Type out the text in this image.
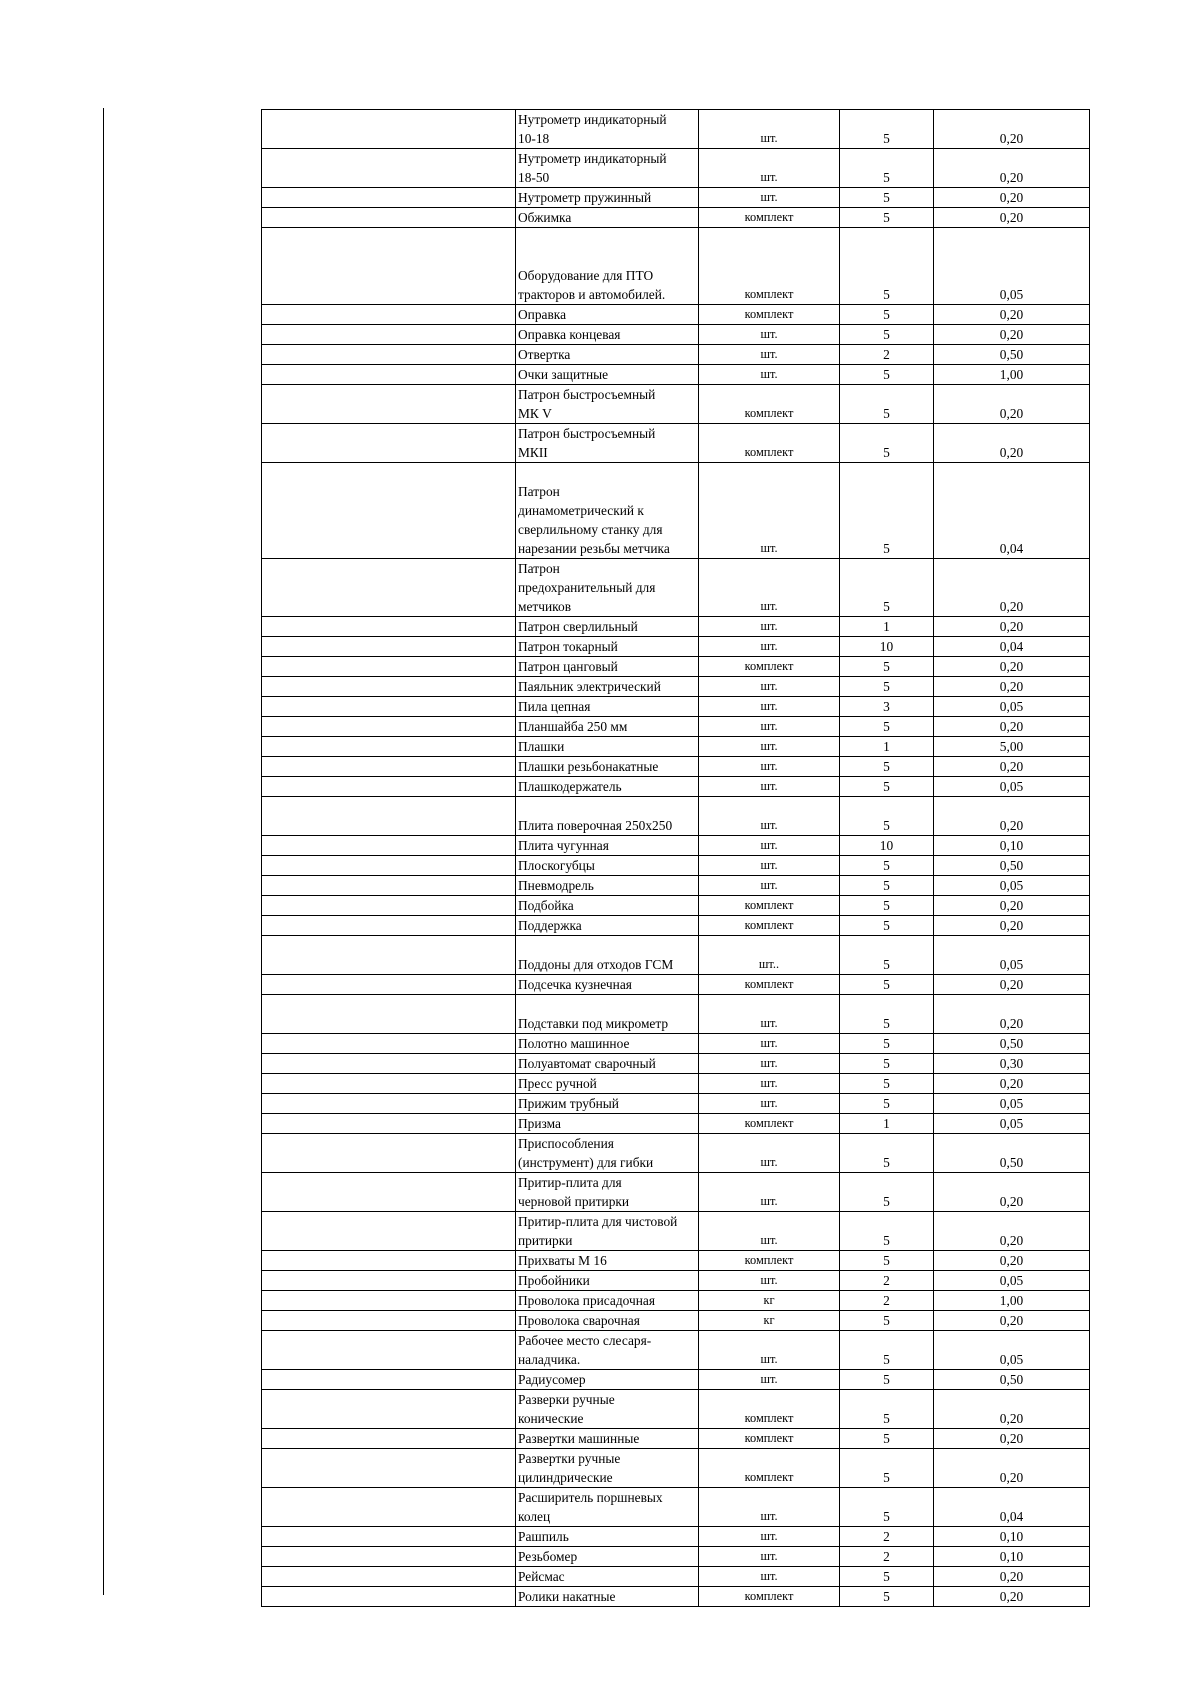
	Нутрометр индикаторный
10-18	шт.	5	0,20

	Нутрометр индикаторный
18-50	шт.	5	0,20

	Нутрометр пружинный	шт.	5	0,20

	Обжимка	комплект	5	0,20

	Оборудование для ПТО
тракторов и автомобилей.	комплект	5	0,05

	Оправка	комплект	5	0,20

	Оправка концевая	шт.	5	0,20

	Отвертка	шт.	2	0,50

	Очки защитные	шт.	5	1,00

	Патрон быстросъемный
МК V	комплект	5	0,20

	Патрон быстросъемный
МКII	комплект	5	0,20

	Патрон
динамометрический к
сверлильному станку для
нарезании резьбы метчика	шт.	5	0,04

	Патрон
предохранительный для
метчиков	шт.	5	0,20

	Патрон сверлильный	шт.	1	0,20

	Патрон токарный	шт.	10	0,04

	Патрон цанговый	комплект	5	0,20

	Паяльник электрический	шт.	5	0,20

	Пила цепная	шт.	3	0,05

	Планшайба 250 мм	шт.	5	0,20

	Плашки	шт.	1	5,00

	Плашки резьбонакатные	шт.	5	0,20

	Плашкодержатель	шт.	5	0,05

	Плита поверочная 250х250	шт.	5	0,20

	Плита чугунная	шт.	10	0,10

	Плоскогубцы	шт.	5	0,50

	Пневмодрель	шт.	5	0,05

	Подбойка	комплект	5	0,20

	Поддержка	комплект	5	0,20

	Поддоны для отходов ГСМ	шт..	5	0,05

	Подсечка кузнечная	комплект	5	0,20

	Подставки под микрометр	шт.	5	0,20

	Полотно машинное	шт.	5	0,50

	Полуавтомат сварочный	шт.	5	0,30

	Пресс ручной	шт.	5	0,20

	Прижим трубный	шт.	5	0,05

	Призма	комплект	1	0,05

	Приспособления
(инструмент) для гибки	шт.	5	0,50

	Притир-плита для
черновой притирки	шт.	5	0,20

	Притир-плита для чистовой
притирки	шт.	5	0,20

	Прихваты М 16	комплект	5	0,20

	Пробойники	шт.	2	0,05

	Проволока присадочная	кг	2	1,00

	Проволока сварочная	кг	5	0,20

	Рабочее место слесаря-
наладчика.	шт.	5	0,05

	Радиусомер	шт.	5	0,50

	Разверки ручные
конические	комплект	5	0,20

	Развертки машинные	комплект	5	0,20

	Развертки ручные
цилиндрические	комплект	5	0,20

	Расширитель поршневых
колец	шт.	5	0,04

	Рашпиль	шт.	2	0,10

	Резьбомер	шт.	2	0,10

	Рейсмас	шт.	5	0,20

	Ролики накатные	комплект	5	0,20
